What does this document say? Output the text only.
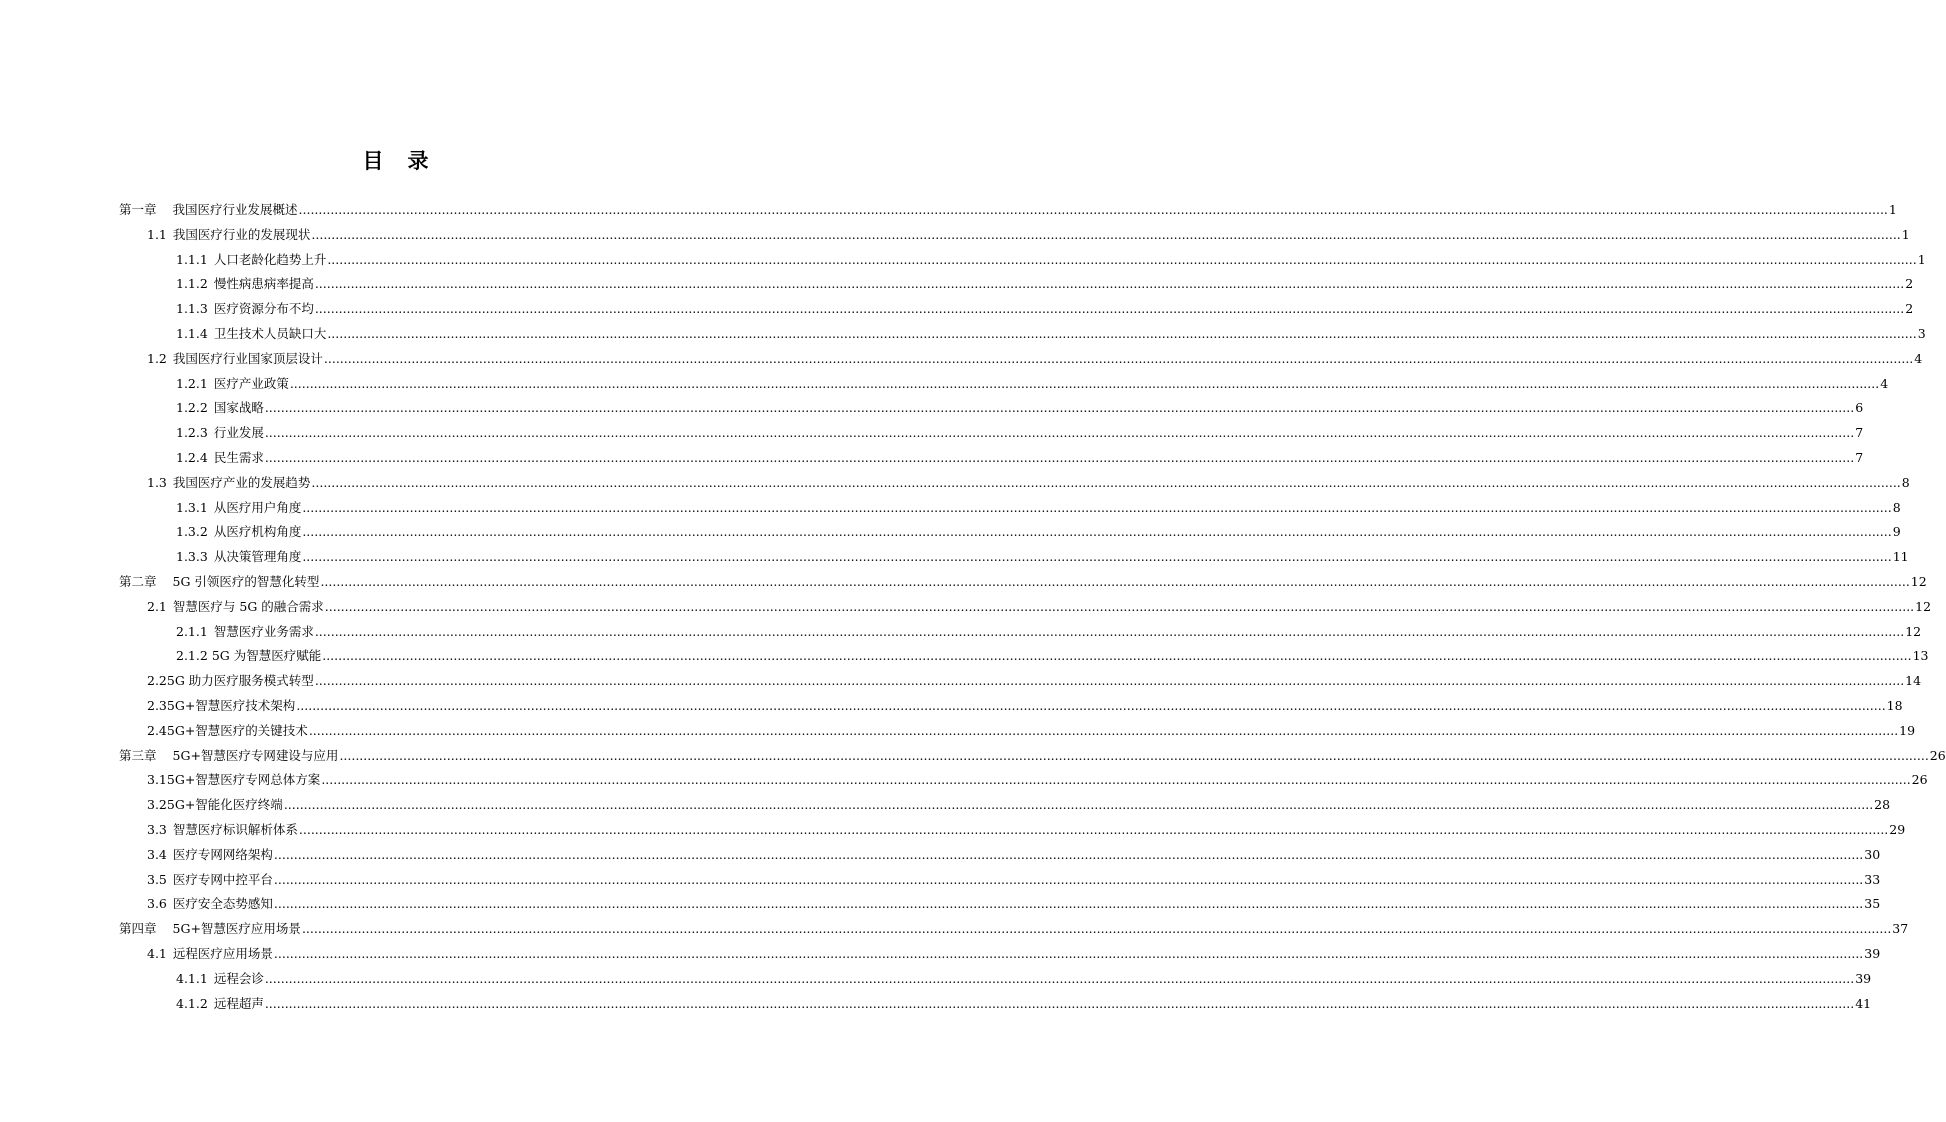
目 录
第一章 我国医疗行业发展概述 ................................................................................................................................................................................................................................................................................................................................................................................................................ 1
1.1 我国医疗行业的发展现状 ................................................................................................................................................................................................................................................................................................................................................................................................................ 1
1.1.1 人口老龄化趋势上升 ................................................................................................................................................................................................................................................................................................................................................................................................................ 1
1.1.2 慢性病患病率提高 ................................................................................................................................................................................................................................................................................................................................................................................................................ 2
1.1.3 医疗资源分布不均 ................................................................................................................................................................................................................................................................................................................................................................................................................ 2
1.1.4 卫生技术人员缺口大 ................................................................................................................................................................................................................................................................................................................................................................................................................ 3
1.2 我国医疗行业国家顶层设计 ................................................................................................................................................................................................................................................................................................................................................................................................................ 4
1.2.1 医疗产业政策 ................................................................................................................................................................................................................................................................................................................................................................................................................ 4
1.2.2 国家战略 ................................................................................................................................................................................................................................................................................................................................................................................................................ 6
1.2.3 行业发展 ................................................................................................................................................................................................................................................................................................................................................................................................................ 7
1.2.4 民生需求 ................................................................................................................................................................................................................................................................................................................................................................................................................ 7
1.3 我国医疗产业的发展趋势 ................................................................................................................................................................................................................................................................................................................................................................................................................ 8
1.3.1 从医疗用户角度 ................................................................................................................................................................................................................................................................................................................................................................................................................ 8
1.3.2 从医疗机构角度 ................................................................................................................................................................................................................................................................................................................................................................................................................ 9
1.3.3 从决策管理角度 ................................................................................................................................................................................................................................................................................................................................................................................................................ 11
第二章 5G 引领医疗的智慧化转型 ................................................................................................................................................................................................................................................................................................................................................................................................................ 12
2.1 智慧医疗与 5G 的融合需求 ................................................................................................................................................................................................................................................................................................................................................................................................................ 12
2.1.1 智慧医疗业务需求 ................................................................................................................................................................................................................................................................................................................................................................................................................ 12
2.1.2 5G 为智慧医疗赋能 ................................................................................................................................................................................................................................................................................................................................................................................................................ 13
2.2 5G 助力医疗服务模式转型 ................................................................................................................................................................................................................................................................................................................................................................................................................ 14
2.3 5G+智慧医疗技术架构 ................................................................................................................................................................................................................................................................................................................................................................................................................ 18
2.4 5G+智慧医疗的关键技术 ................................................................................................................................................................................................................................................................................................................................................................................................................ 19
第三章 5G+智慧医疗专网建设与应用 ................................................................................................................................................................................................................................................................................................................................................................................................................ 26
3.1 5G+智慧医疗专网总体方案 ................................................................................................................................................................................................................................................................................................................................................................................................................ 26
3.2 5G+智能化医疗终端 ................................................................................................................................................................................................................................................................................................................................................................................................................ 28
3.3 智慧医疗标识解析体系 ................................................................................................................................................................................................................................................................................................................................................................................................................ 29
3.4 医疗专网网络架构 ................................................................................................................................................................................................................................................................................................................................................................................................................ 30
3.5 医疗专网中控平台 ................................................................................................................................................................................................................................................................................................................................................................................................................ 33
3.6 医疗安全态势感知 ................................................................................................................................................................................................................................................................................................................................................................................................................ 35
第四章 5G+智慧医疗应用场景 ................................................................................................................................................................................................................................................................................................................................................................................................................ 37
4.1 远程医疗应用场景 ................................................................................................................................................................................................................................................................................................................................................................................................................ 39
4.1.1 远程会诊 ................................................................................................................................................................................................................................................................................................................................................................................................................ 39
4.1.2 远程超声 ................................................................................................................................................................................................................................................................................................................................................................................................................ 41
